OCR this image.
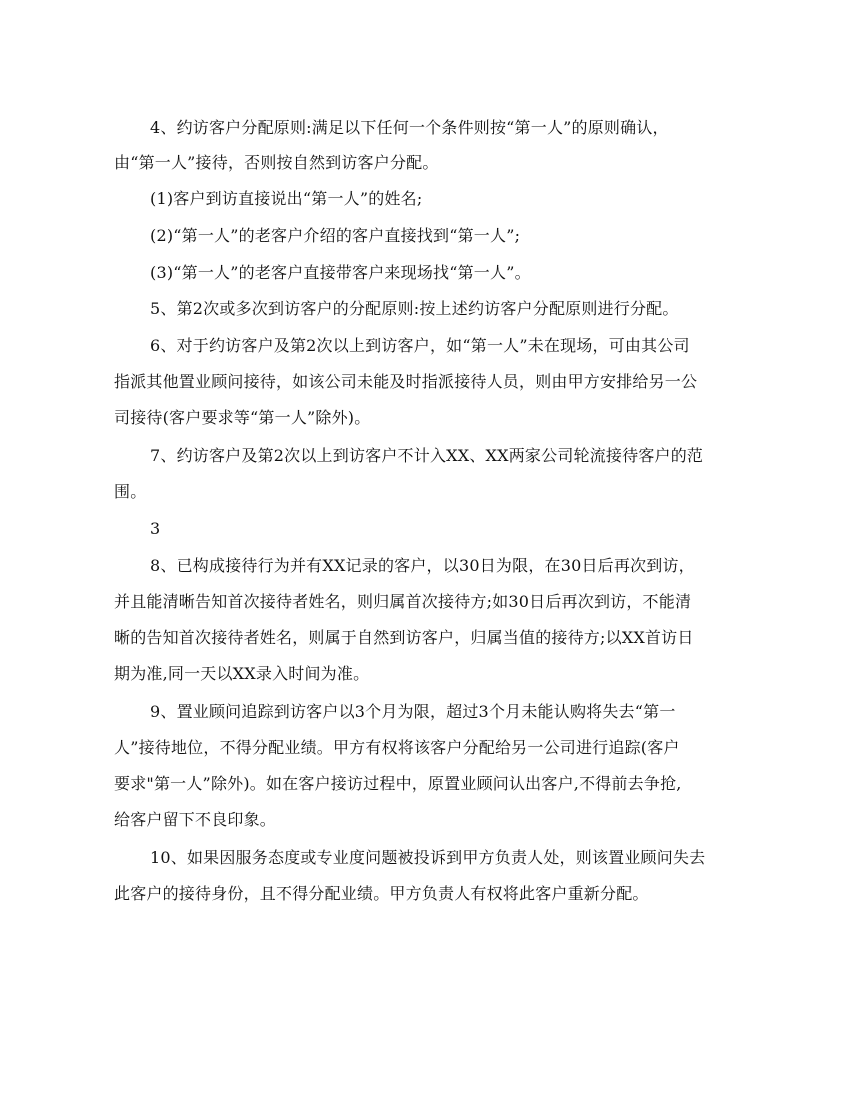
4、约访客户分配原则:满足以下任何一个条件则按“第一人”的原则确认，
由“第一人”接待，否则按自然到访客户分配。
(1)客户到访直接说出“第一人”的姓名;
(2)“第一人”的老客户介绍的客户直接找到“第一人”;
(3)“第一人”的老客户直接带客户来现场找“第一人”。
5、第2次或多次到访客户的分配原则:按上述约访客户分配原则进行分配。
6、对于约访客户及第2次以上到访客户，如“第一人”未在现场，可由其公司
指派其他置业顾问接待，如该公司未能及时指派接待人员，则由甲方安排给另一公
司接待(客户要求等“第一人”除外)。
7、约访客户及第2次以上到访客户不计入XX、XX两家公司轮流接待客户的范
围。
3
8、已构成接待行为并有XX记录的客户，以30日为限，在30日后再次到访，
并且能清晰告知首次接待者姓名，则归属首次接待方;如30日后再次到访，不能清
晰的告知首次接待者姓名，则属于自然到访客户，归属当值的接待方;以XX首访日
期为准,同一天以XX录入时间为准。
9、置业顾问追踪到访客户以3个月为限，超过3个月未能认购将失去“第一
人”接待地位，不得分配业绩。甲方有权将该客户分配给另一公司进行追踪(客户
要求"第一人”除外)。如在客户接访过程中，原置业顾问认出客户,不得前去争抢,
给客户留下不良印象。
10、如果因服务态度或专业度问题被投诉到甲方负责人处，则该置业顾问失去
此客户的接待身份，且不得分配业绩。甲方负责人有权将此客户重新分配。
